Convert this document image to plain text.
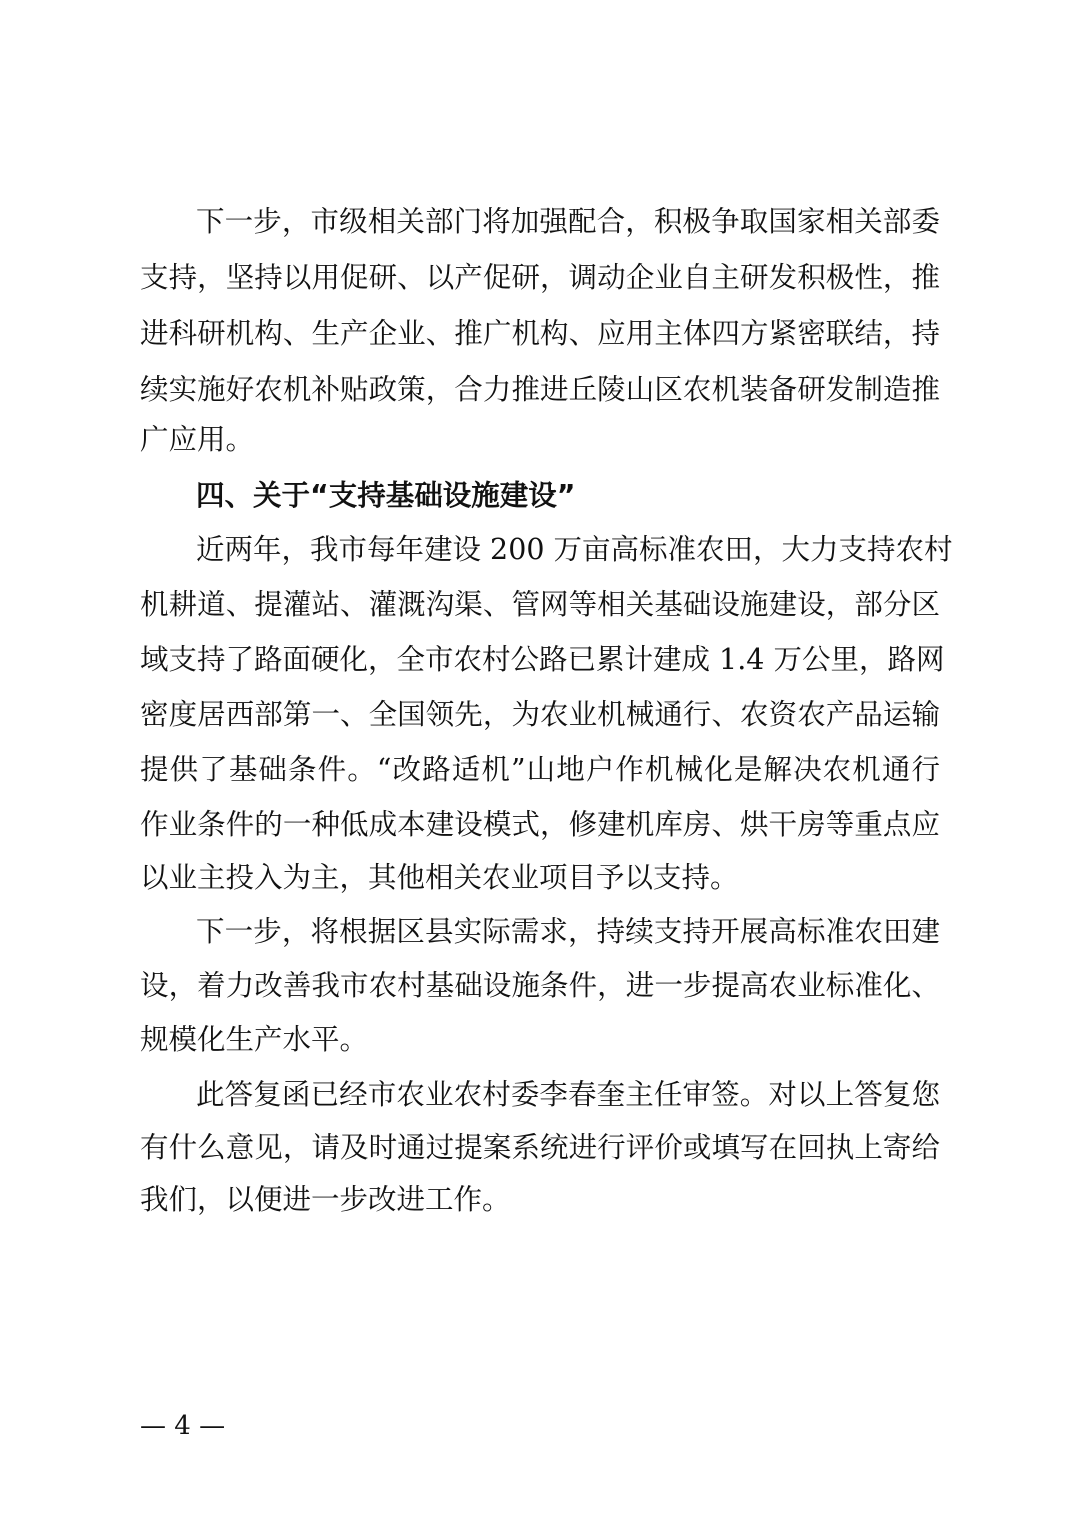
下一步，市级相关部门将加强配合，积极争取国家相关部委
支持，坚持以用促研、以产促研，调动企业自主研发积极性，推
进科研机构、生产企业、推广机构、应用主体四方紧密联结，持
续实施好农机补贴政策，合力推进丘陵山区农机装备研发制造推
广应用。
四、关于“支持基础设施建设”
近两年，我市每年建设 200 万亩高标准农田，大力支持农村
机耕道、提灌站、灌溉沟渠、管网等相关基础设施建设，部分区
域支持了路面硬化，全市农村公路已累计建成 1.4 万公里，路网
密度居西部第一、全国领先，为农业机械通行、农资农产品运输
提供了基础条件。“改路适机”山地户作机械化是解决农机通行
作业条件的一种低成本建设模式，修建机库房、烘干房等重点应
以业主投入为主，其他相关农业项目予以支持。
下一步，将根据区县实际需求，持续支持开展高标准农田建
设，着力改善我市农村基础设施条件，进一步提高农业标准化、
规模化生产水平。
此答复函已经市农业农村委李春奎主任审签。对以上答复您
有什么意见，请及时通过提案系统进行评价或填写在回执上寄给
我们，以便进一步改进工作。
— 4 —
